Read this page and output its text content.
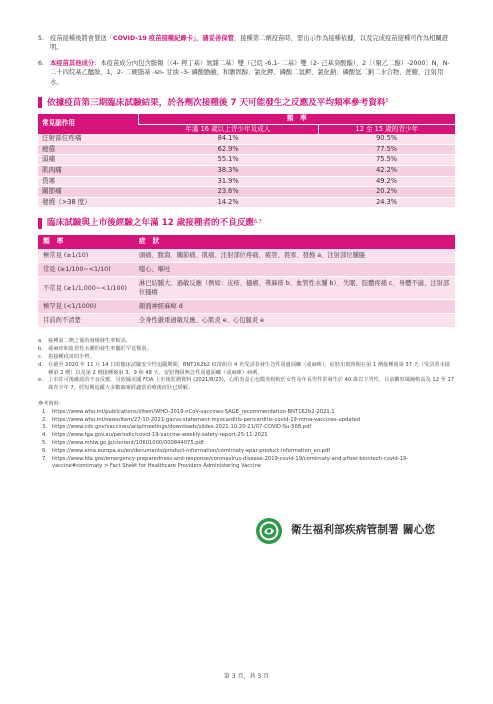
5. 疫苗接種後將會發送「COVID-19 疫苗接種紀錄卡」，請妥善保管，接種第二劑疫苗時，需出示作為接種依據，以及完成疫苗接種可作為相關證明。
6. 本疫苗其他成分：本疫苗成分內包含脂類〔（4- 羥丁基）氮雜二基〕雙（己烷 -6,1- 二基）雙（2- 己基癸酸酯）、2〔（聚乙二醇）-2000〕N，N- 二十四烷基乙醯胺、1，2- 二硬脂基 -sn- 甘油 -3- 磷酸膽鹼，和膽固醇、氯化鉀、磷酸二氫鉀、氯化鈉、磷酸氫二鈉二水合物、蔗糖、注射用水。
依據疫苗第三期臨床試驗結果，於各劑次接種後 7 天可能發生之反應及平均頻率參考資料 6
常見副作用	頻　率	
	年滿 16 歲以上青少年及成人	12 至 15 歲的青少年
注射部位疼痛	84.1%	90.5%
疲倦	62.9%	77.5%
頭痛	55.1%	75.5%
肌肉痛	38.3%	42.2%
畏寒	31.9%	49.2%
關節痛	23.6%	20.2%
發燒（>38 度）	14.2%	24.3%
臨床試驗與上市後經驗之年滿 12 歲接種者的不良反應 6,7
頻　率	症　狀
極常見 (≥1/10)	頭痛、腹瀉、關節痛、肌痛、注射部位疼痛、疲勞、畏寒、發燒 a、注射部位腫脹
常見 (≥1/100∼<1/10)	噁心、嘔吐
不常見 (≥1/1,000∼<1/100)	淋巴結腫大、過敏反應（例如：皮疹、搔癢、蕁麻疹 b、血管性水腫 b）、失眠、肢體疼痛 c、身體不適、注射部位搔癢
極罕見 (<1/1000)	顏面神經麻痺 d
目前尚不清楚	全身性嚴重過敏反應、心肌炎 e、心包膜炎 e
a. 接種第二劑之後的發燒發生率較高。
b. 蕁麻疹和血管性水腫的發生率屬於罕見類別。
c. 指接種疫苗的手臂。
d. 在截至 2020 年 11 月 14 日的臨床試驗安全性追蹤期間，BNT162b2 疫苗組有 4 名受試者發生急性周邊面癱（或麻痺），症狀出現時間在第 1 劑接種後第 37 天（受試者未接種第 2 劑）以及第 2 劑接種後第 3、9 和 48 天。安慰劑組無急性周邊面癱（或麻痺）病例。
e. 上市許可後確認的不良反應，另依據美國 FDA 上市後監測資料 (2021/8/23)，心肌炎及心包膜炎相較於女性及年長男性常發生於 40 歲以下男性，目前觀察風險較高為 12 至 17 歲青少年 7，經短期追蹤大多數個案經適當治療後症狀已緩解。
參考資料：
1. https://www.who.int/publications/i/item/WHO-2019-nCoV-vaccines-SAGE_recommendation-BNT162b2-2021.1
2. https://www.who.int/news/item/27-10-2021-gacvs-statement-myocarditis-pericarditis-covid-19-mrna-vaccines-updated
3. https://www.cdc.gov/vaccines/acip/meetings/downloads/slides-2021-10-20-21/07-COVID-Su-508.pdf
4. https://www.tga.gov.au/periodic/covid-19-vaccine-weekly-safety-report-25-11-2021
5. https://www.mhlw.go.jp/content/10601000/000844075.pdf
6. https://www.ema.europa.eu/en/documents/product-information/comirnaty-epar-product-information_en.pdf
7. https://www.fda.gov/emergency-preparedness-and-response/coronavirus-disease-2019-covid-19/comirnaty-and-pfizer-biontech-covid-19-vaccine#comirnaty > Fact Sheet for Healthcare Providers Administering Vaccine
衛生福利部疾病管制署 關心您
第 3 頁，共 3 頁
